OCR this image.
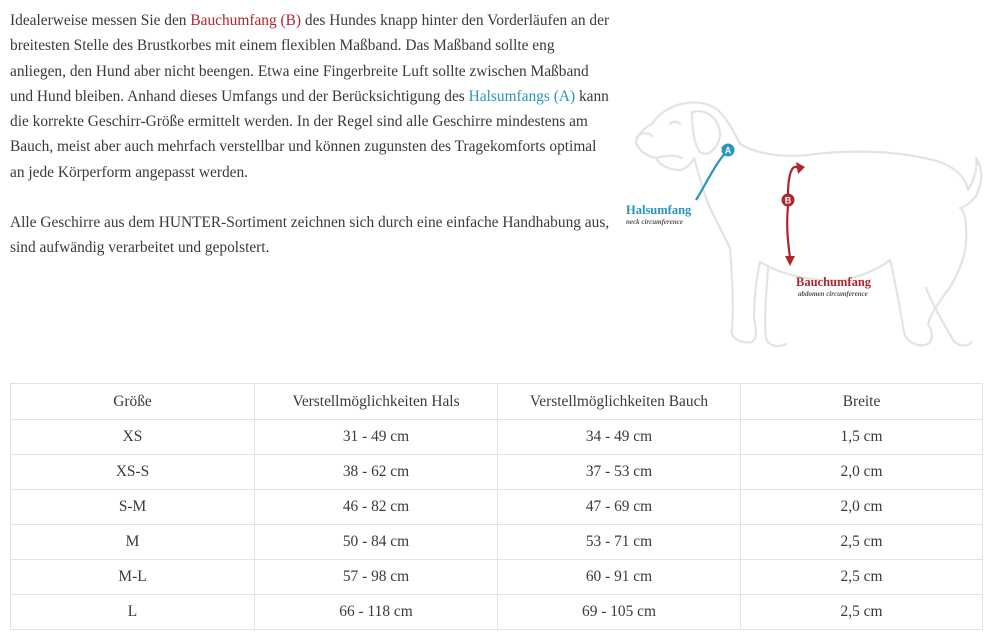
Idealerweise messen Sie den Bauchumfang (B) des Hundes knapp hinter den Vorderläufen an der breitesten Stelle des Brustkorbes mit einem flexiblen Maßband. Das Maßband sollte eng anliegen, den Hund aber nicht beengen. Etwa eine Fingerbreite Luft sollte zwischen Maßband und Hund bleiben. Anhand dieses Umfangs und der Berücksichtigung des Halsumfangs (A) kann die korrekte Geschirr-Größe ermittelt werden. In der Regel sind alle Geschirre mindestens am Bauch, meist aber auch mehrfach verstellbar und können zugunsten des Tragekomforts optimal an jede Körperform angepasst werden.

Alle Geschirre aus dem HUNTER-Sortiment zeichnen sich durch eine einfache Handhabung aus, sind aufwändig verarbeitet und gepolstert.

A
B
Halsumfang
neck circumference
Bauchumfang
abdomen circumference
Größe	Verstellmöglichkeiten Hals	Verstellmöglichkeiten Bauch	Breite
XS	31 - 49 cm	34 - 49 cm	1,5 cm
XS-S	38 - 62 cm	37 - 53 cm	2,0 cm
S-M	46 - 82 cm	47 - 69 cm	2,0 cm
M	50 - 84 cm	53 - 71 cm	2,5 cm
M-L	57 - 98 cm	60 - 91 cm	2,5 cm
L	66 - 118 cm	69 - 105 cm	2,5 cm
